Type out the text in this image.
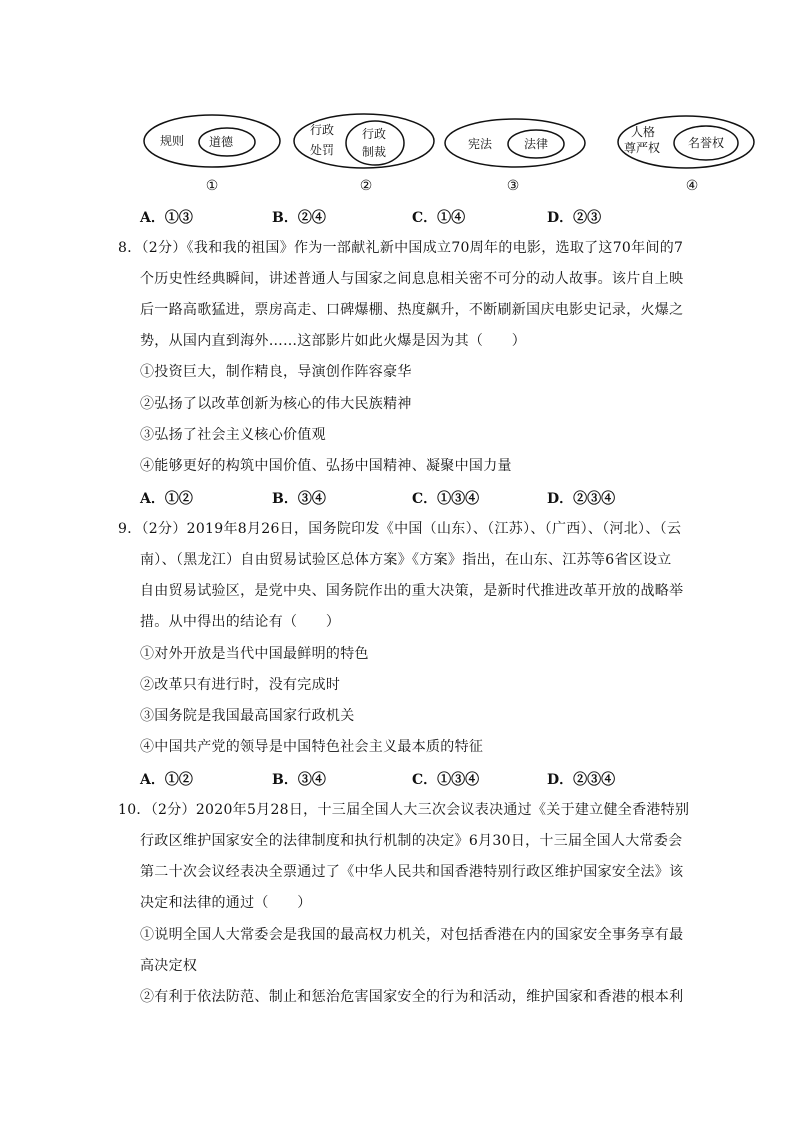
规则 道德
①
行政
处罚
行政
制裁
②
宪法	法律
③
人格
尊严权 名誉权
④
A．①③	B．②④	C．①④	D．②③
8．（2分）《我和我的祖国》作为一部献礼新中国成立70周年的电影，选取了这70年间的7
个历史性经典瞬间，讲述普通人与国家之间息息相关密不可分的动人故事。该片自上映
后一路高歌猛进，票房高走、口碑爆棚、热度飙升，不断刷新国庆电影史记录，火爆之
势，从国内直到海外……这部影片如此火爆是因为其（　　）
①投资巨大，制作精良，导演创作阵容豪华
②弘扬了以改革创新为核心的伟大民族精神
③弘扬了社会主义核心价值观
④能够更好的构筑中国价值、弘扬中国精神、凝聚中国力量
A．①②	B．③④	C．①③④	D．②③④
9．（2分）2019年8月26日，国务院印发《中国（山东）、（江苏）、（广西）、（河北）、（云
南）、（黑龙江）自由贸易试验区总体方案》《方案》指出，在山东、江苏等6省区设立
自由贸易试验区，是党中央、国务院作出的重大决策，是新时代推进改革开放的战略举
措。从中得出的结论有（　　）
①对外开放是当代中国最鲜明的特色
②改革只有进行时，没有完成时
③国务院是我国最高国家行政机关
④中国共产党的领导是中国特色社会主义最本质的特征
A．①②	B．③④	C．①③④	D．②③④
10．（2分）2020年5月28日，十三届全国人大三次会议表决通过《关于建立健全香港特别
行政区维护国家安全的法律制度和执行机制的决定》6月30日，十三届全国人大常委会
第二十次会议经表决全票通过了《中华人民共和国香港特别行政区维护国家安全法》该
决定和法律的通过（　　）
①说明全国人大常委会是我国的最高权力机关，对包括香港在内的国家安全事务享有最
高决定权
②有利于依法防范、制止和惩治危害国家安全的行为和活动，维护国家和香港的根本利
